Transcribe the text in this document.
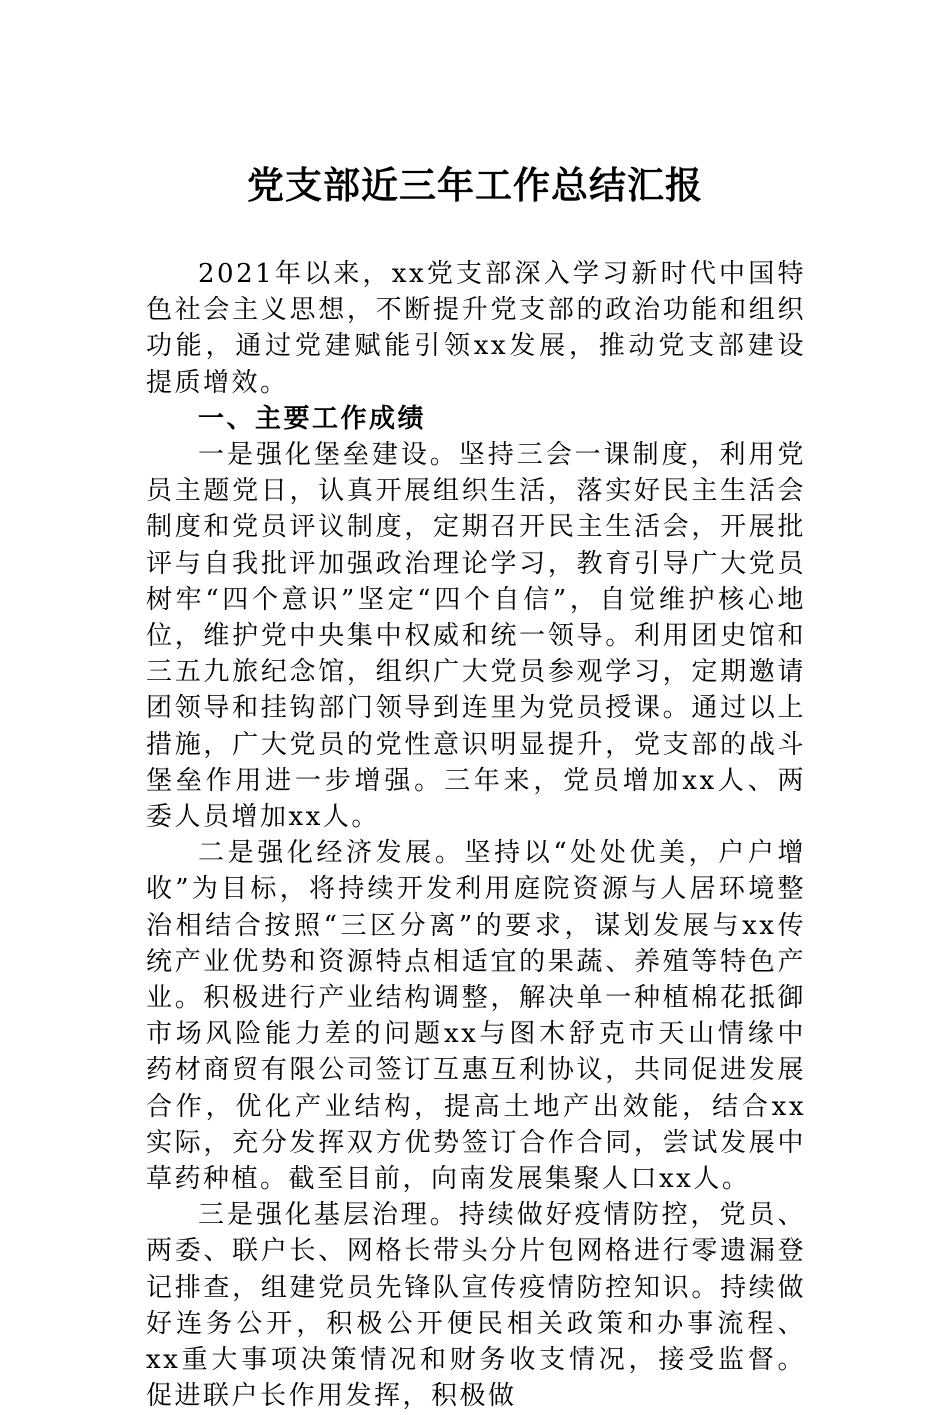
党支部近三年工作总结汇报

2021年以来，xx党支部深入学习新时代中国特色社会主义思想，不断提升党支部的政治功能和组织功能，通过党建赋能引领xx发展，推动党支部建设提质增效。

一、主要工作成绩

一是强化堡垒建设。坚持三会一课制度，利用党员主题党日，认真开展组织生活，落实好民主生活会制度和党员评议制度，定期召开民主生活会，开展批评与自我批评加强政治理论学习，教育引导广大党员树牢“四个意识”坚定“四个自信”，自觉维护核心地位，维护党中央集中权威和统一领导。利用团史馆和三五九旅纪念馆，组织广大党员参观学习，定期邀请团领导和挂钩部门领导到连里为党员授课。通过以上措施，广大党员的党性意识明显提升，党支部的战斗堡垒作用进一步增强。三年来，党员增加xx人、两委人员增加xx人。

二是强化经济发展。坚持以“处处优美，户户增收”为目标，将持续开发利用庭院资源与人居环境整治相结合按照“三区分离”的要求，谋划发展与xx传统产业优势和资源特点相适宜的果蔬、养殖等特色产业。积极进行产业结构调整，解决单一种植棉花抵御市场风险能力差的问题xx与图木舒克市天山情缘中药材商贸有限公司签订互惠互利协议，共同促进发展合作，优化产业结构，提高土地产出效能，结合xx实际，充分发挥双方优势签订合作合同，尝试发展中草药种植。截至目前，向南发展集聚人口xx人。

三是强化基层治理。持续做好疫情防控，党员、两委、联户长、网格长带头分片包网格进行零遗漏登记排查，组建党员先锋队宣传疫情防控知识。持续做好连务公开，积极公开便民相关政策和办事流程、xx重大事项决策情况和财务收支情况，接受监督。促进联户长作用发挥，积极做
